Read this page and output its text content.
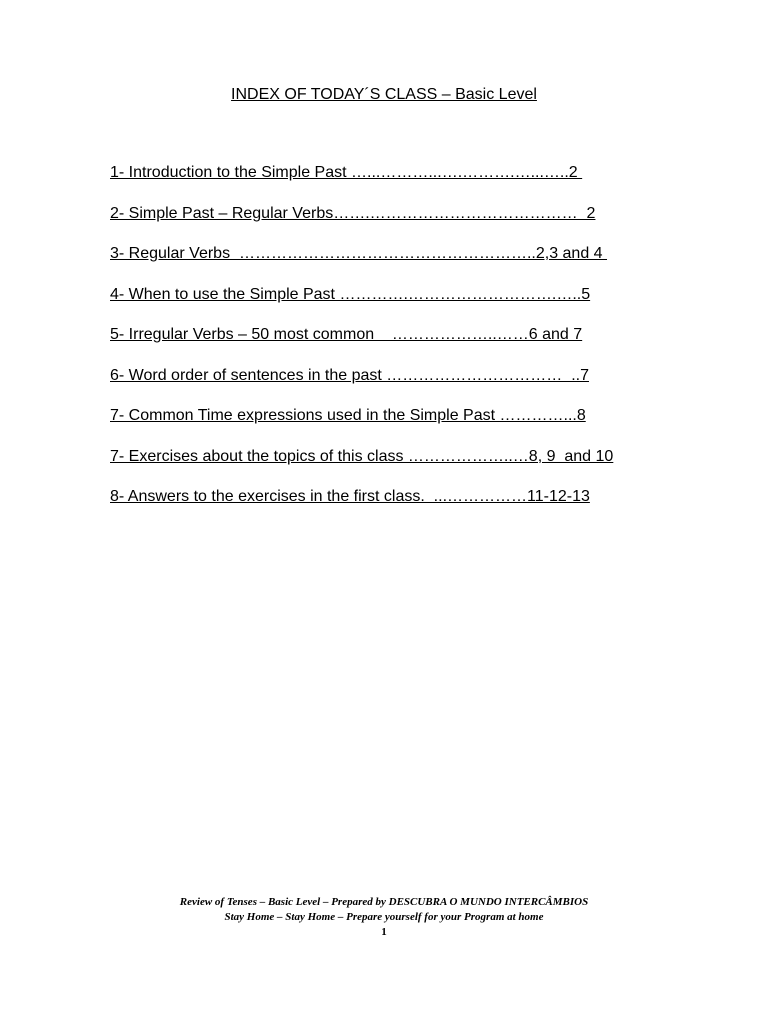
INDEX OF TODAY´S CLASS – Basic Level
1- Introduction to the Simple Past …...………...….……….…...…..2
2- Simple Past – Regular Verbs…….…………………………………  2
3- Regular Verbs  ………………………………………………..2,3 and 4
4- When to use the Simple Past ………….……………………….…..5
5- Irregular Verbs – 50 most common    ………………..……6 and 7
6- Word order of sentences in the past ……………………………  ..7
7- Common Time expressions used in the Simple Past …………...8
7- Exercises about the topics of this class ………………..…8, 9  and 10
8- Answers to the exercises in the first class.  ...……………11-12-13
Review of Tenses – Basic Level – Prepared by DESCUBRA O MUNDO INTERCÂMBIOS
Stay Home – Stay Home – Prepare yourself for your Program at home
1
